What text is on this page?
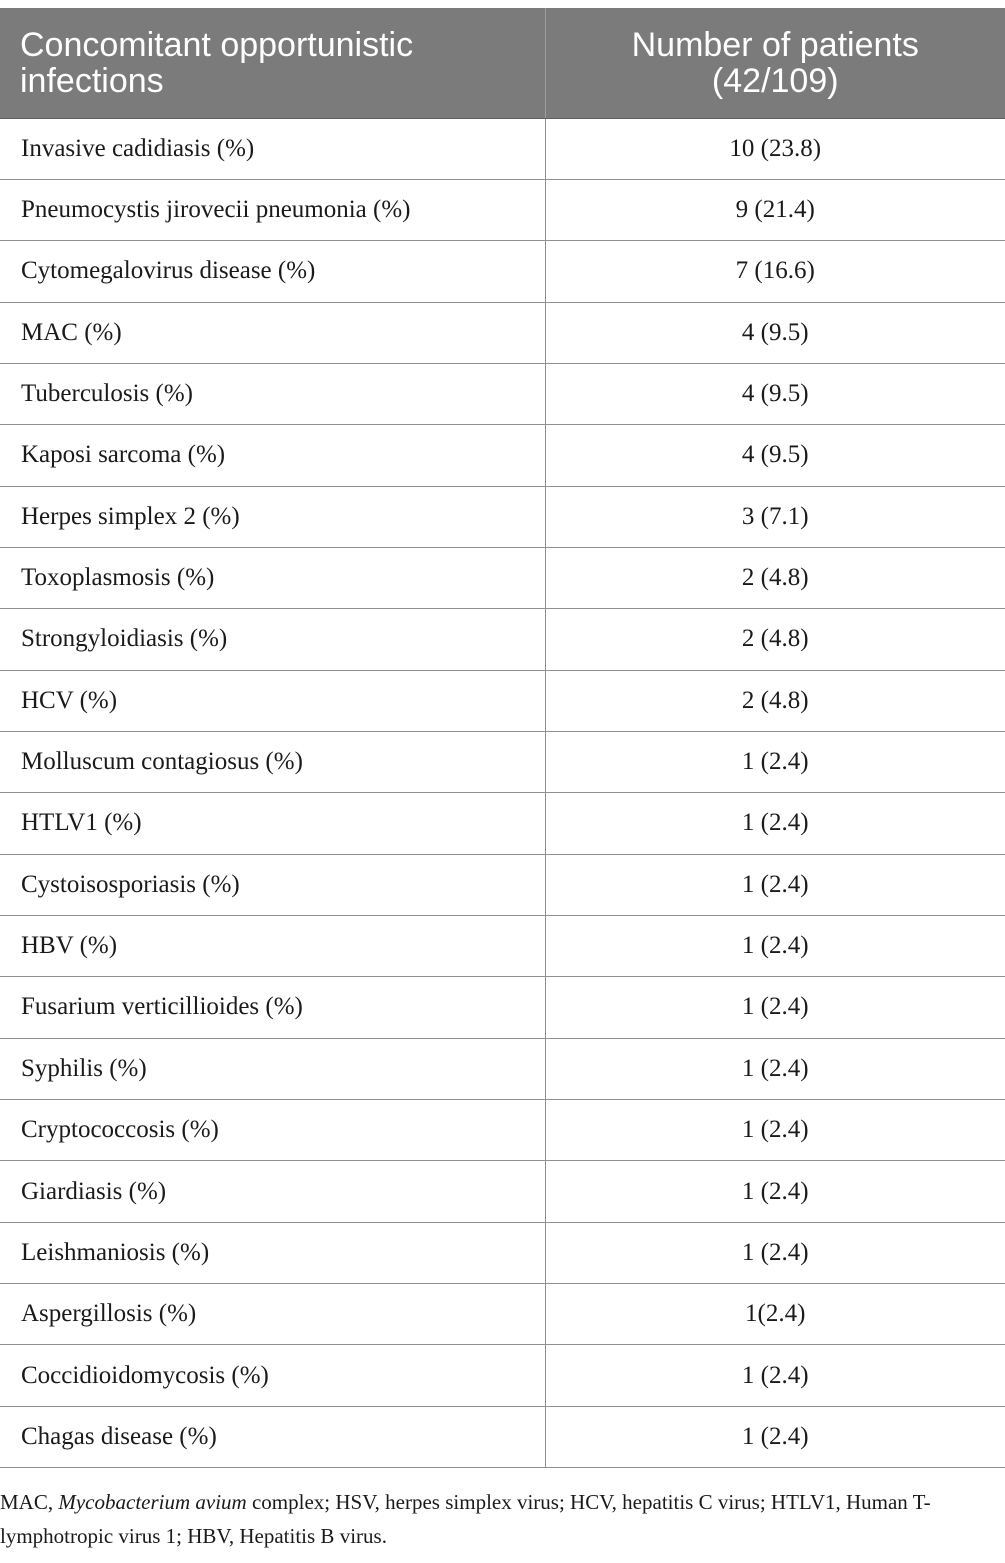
Concomitant opportunistic infections	Number of patients (42/109)
Invasive cadidiasis (%)	10 (23.8)
Pneumocystis jirovecii pneumonia (%)	9 (21.4)
Cytomegalovirus disease (%)	7 (16.6)
MAC (%)	4 (9.5)
Tuberculosis (%)	4 (9.5)
Kaposi sarcoma (%)	4 (9.5)
Herpes simplex 2 (%)	3 (7.1)
Toxoplasmosis (%)	2 (4.8)
Strongyloidiasis (%)	2 (4.8)
HCV (%)	2 (4.8)
Molluscum contagiosus (%)	1 (2.4)
HTLV1 (%)	1 (2.4)
Cystoisosporiasis (%)	1 (2.4)
HBV (%)	1 (2.4)
Fusarium verticillioides (%)	1 (2.4)
Syphilis (%)	1 (2.4)
Cryptococcosis (%)	1 (2.4)
Giardiasis (%)	1 (2.4)
Leishmaniosis (%)	1 (2.4)
Aspergillosis (%)	1(2.4)
Coccidioidomycosis (%)	1 (2.4)
Chagas disease (%)	1 (2.4)
MAC, Mycobacterium avium complex; HSV, herpes simplex virus; HCV, hepatitis C virus; HTLV1, Human T-lymphotropic virus 1; HBV, Hepatitis B virus.
